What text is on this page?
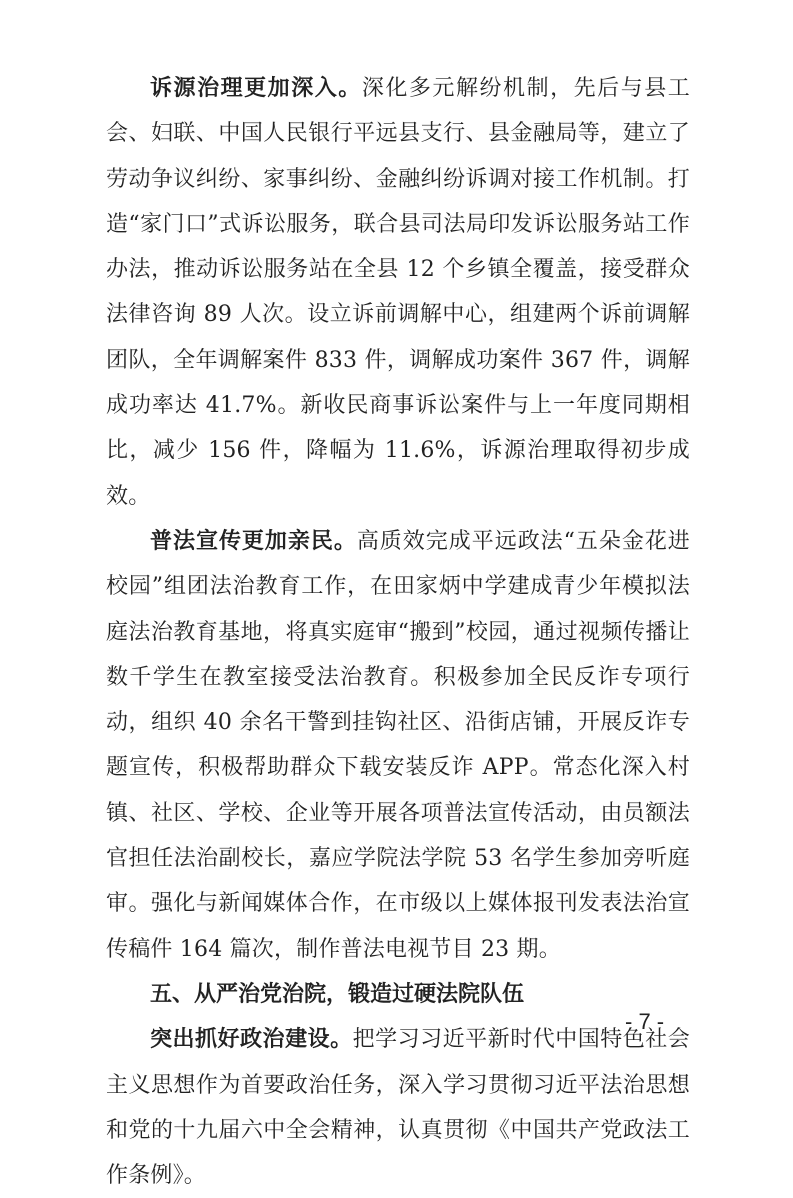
诉源治理更加深入。深化多元解纷机制，先后与县工会、妇联、中国人民银行平远县支行、县金融局等，建立了劳动争议纠纷、家事纠纷、金融纠纷诉调对接工作机制。打造“家门口”式诉讼服务，联合县司法局印发诉讼服务站工作办法，推动诉讼服务站在全县 12 个乡镇全覆盖，接受群众法律咨询 89 人次。设立诉前调解中心，组建两个诉前调解团队，全年调解案件 833 件，调解成功案件 367 件，调解成功率达 41.7%。新收民商事诉讼案件与上一年度同期相比，减少 156 件，降幅为 11.6%，诉源治理取得初步成效。

普法宣传更加亲民。高质效完成平远政法“五朵金花进校园”组团法治教育工作，在田家炳中学建成青少年模拟法庭法治教育基地，将真实庭审“搬到”校园，通过视频传播让数千学生在教室接受法治教育。积极参加全民反诈专项行动，组织 40 余名干警到挂钩社区、沿街店铺，开展反诈专题宣传，积极帮助群众下载安装反诈 APP。常态化深入村镇、社区、学校、企业等开展各项普法宣传活动，由员额法官担任法治副校长，嘉应学院法学院 53 名学生参加旁听庭审。强化与新闻媒体合作，在市级以上媒体报刊发表法治宣传稿件 164 篇次，制作普法电视节目 23 期。

五、从严治党治院，锻造过硬法院队伍

突出抓好政治建设。把学习习近平新时代中国特色社会主义思想作为首要政治任务，深入学习贯彻习近平法治思想和党的十九届六中全会精神，认真贯彻《中国共产党政法工作条例》。

- 7 -
